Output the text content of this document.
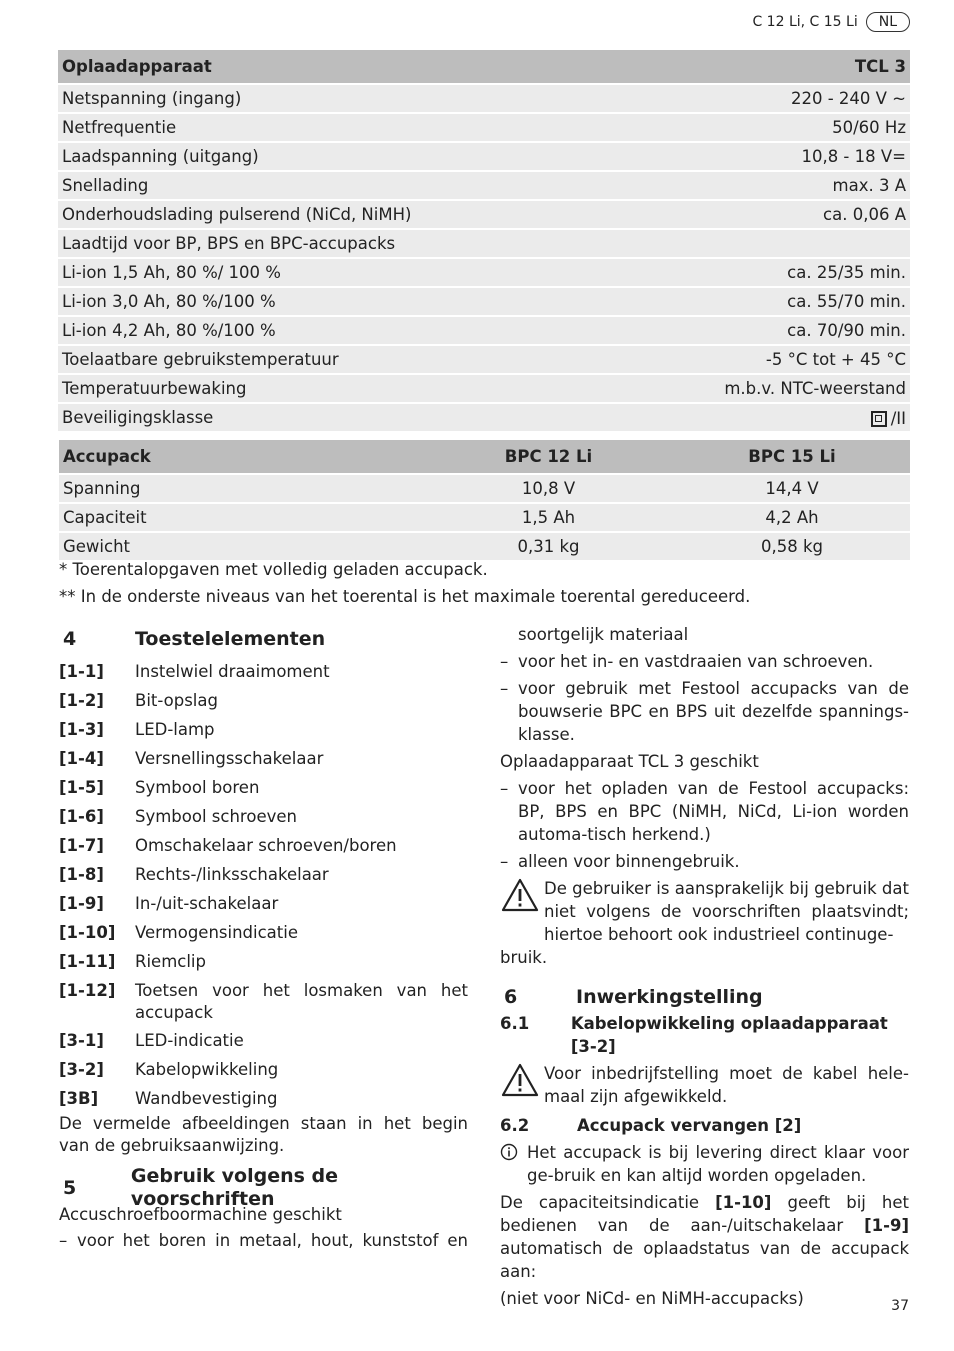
C 12 Li, C 15 Li	NL
Oplaadapparaat	TCL 3
Netspanning (ingang)	220 - 240 V ~
Netfrequentie	50/60 Hz
Laadspanning (uitgang)	10,8 - 18 V=
Snellading	max. 3 A
Onderhoudslading pulserend (NiCd, NiMH)	ca. 0,06 A
Laadtijd voor BP, BPS en BPC-accupacks	
Li-ion 1,5 Ah, 80 %/ 100 %	ca. 25/35 min.
Li-ion 3,0 Ah, 80 %/100 %	ca. 55/70 min.
Li-ion 4,2 Ah, 80 %/100 %	ca. 70/90 min.
Toelaatbare gebruikstemperatuur	-5 °C tot + 45 °C
Temperatuurbewaking	m.b.v. NTC-weerstand
Beveiligingsklasse	/II
Accupack	BPC 12 Li	BPC 15 Li
Spanning	10,8 V	14,4 V
Capaciteit	1,5 Ah	4,2 Ah
Gewicht	0,31 kg	0,58 kg
* Toerentalopgaven met volledig geladen accupack.
** In de onderste niveaus van het toerental is het maximale toerental gereduceerd.
4	Toestelelementen
[1-1]	Instelwiel draaimoment
[1-2]	Bit-opslag
[1-3]	LED-lamp
[1-4]	Versnellingsschakelaar
[1-5]	Symbool boren
[1-6]	Symbool schroeven
[1-7]	Omschakelaar schroeven/boren
[1-8]	Rechts-/linksschakelaar
[1-9]	In-/uit-schakelaar
[1-10]	Vermogensindicatie
[1-11]	Riemclip
[1-12]	Toetsen voor het losmaken van het accupack
[3-1]	LED-indicatie
[3-2]	Kabelopwikkeling
[3B]	Wandbevestiging
De vermelde afbeeldingen staan in het begin van de gebruiksaanwijzing.
5
Gebruik volgens de voorschriften
Accuschroefboormachine geschikt
– voor het boren in metaal, hout, kunststof en
soortgelijk materiaal
– voor het in- en vastdraaien van schroeven.
– voor gebruik met Festool accupacks van de bouwserie BPC en BPS uit dezelfde spannings-klasse.
Oplaadapparaat TCL 3 geschikt
– voor het opladen van de Festool accupacks: BP, BPS en BPC (NiMH, NiCd, Li-ion worden automa-tisch herkend.)
– alleen voor binnengebruik.
De gebruiker is aansprakelijk bij gebruik dat niet volgens de voorschriften plaatsvindt; hiertoe behoort ook industrieel continuge-
bruik.
6	Inwerkingstelling
6.1	Kabelopwikkeling oplaadapparaat [3-2]
Voor inbedrijfstelling moet de kabel hele-maal zijn afgewikkeld.
6.2	Accupack vervangen [2]
Het accupack is bij levering direct klaar voor ge-bruik en kan altijd worden opgeladen.
De capaciteitsindicatie [1-10] geeft bij het bedienen van de aan-/uitschakelaar [1-9] automatisch de oplaadstatus van de accupack aan:
(niet voor NiCd- en NiMH-accupacks)	37
